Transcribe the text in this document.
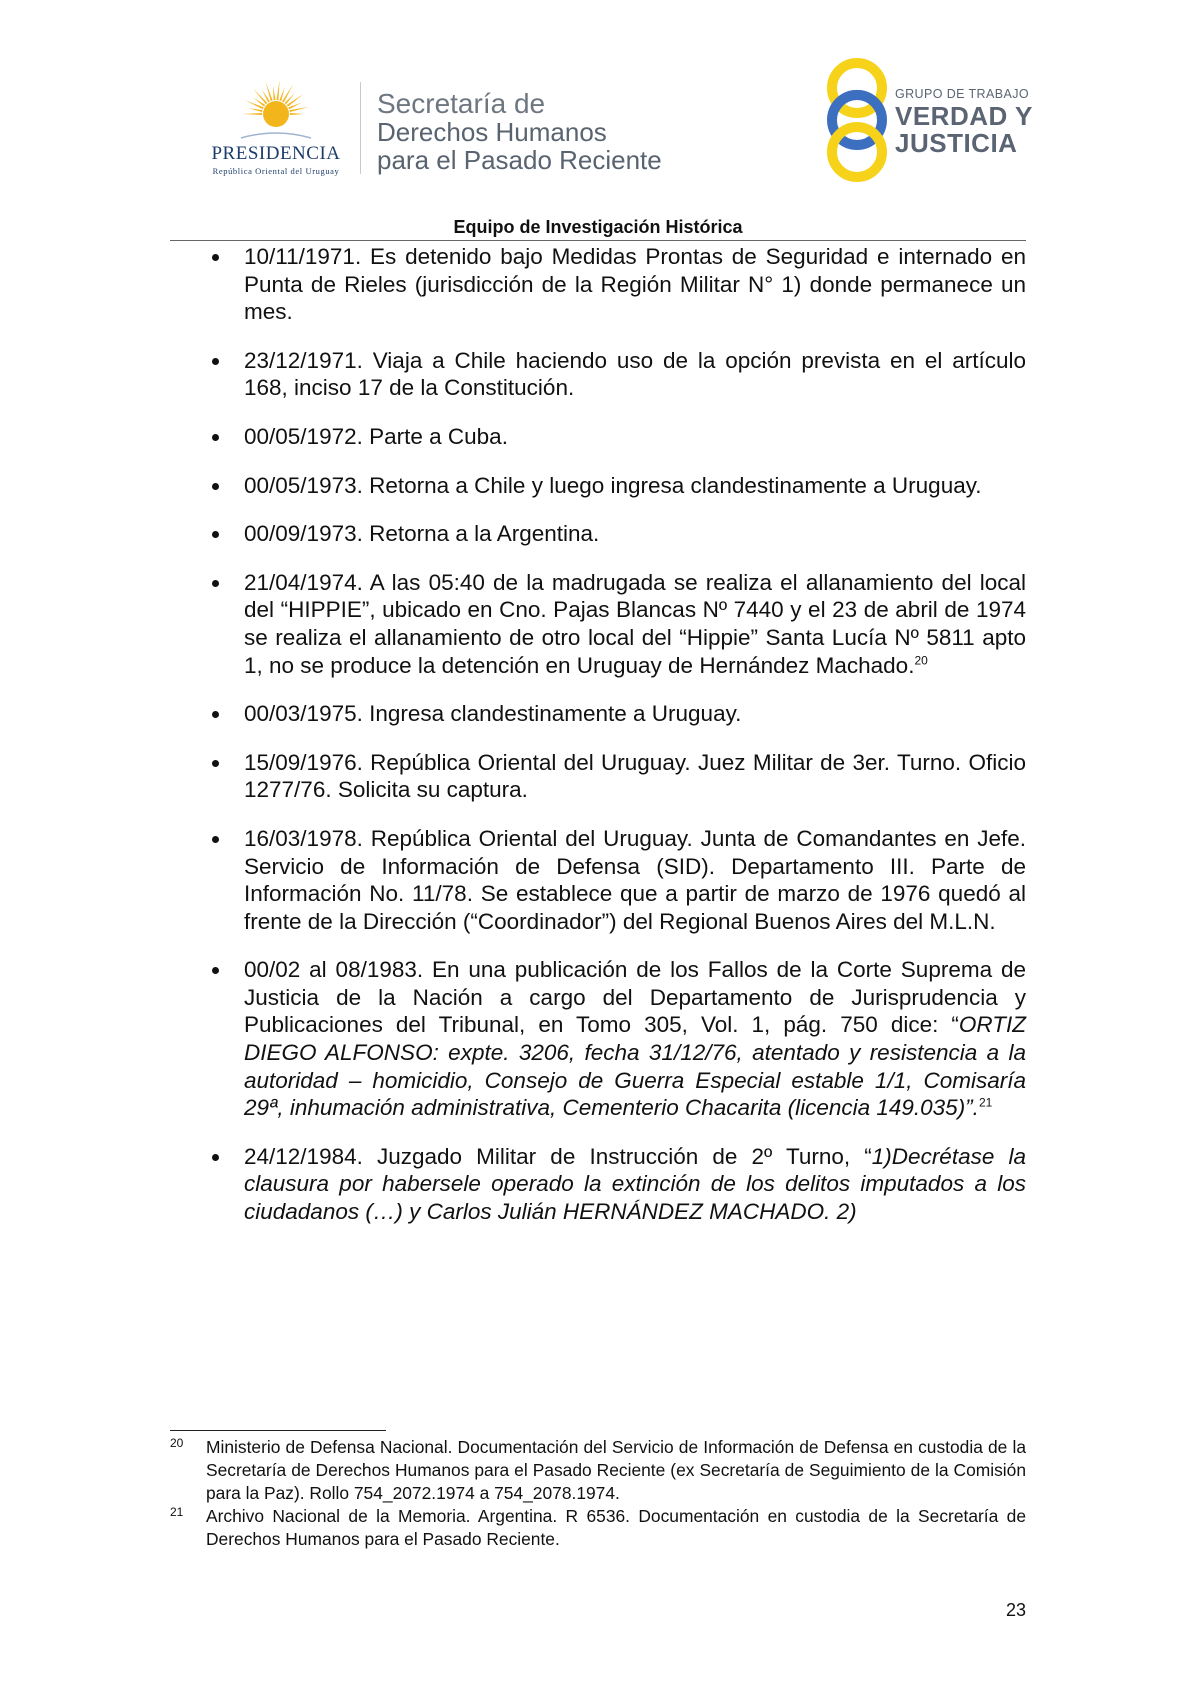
PRESIDENCIA
República Oriental del Uruguay
Secretaría de
Derechos Humanos
para el Pasado Reciente
GRUPO DE TRABAJO
VERDAD Y
JUSTICIA
Equipo de Investigación Histórica

10/11/1971. Es detenido bajo Medidas Prontas de Seguridad e internado en Punta de Rieles (jurisdicción de la Región Militar N° 1) donde permanece un mes.

23/12/1971. Viaja a Chile haciendo uso de la opción prevista en el artículo 168, inciso 17 de la Constitución.

00/05/1972. Parte a Cuba.

00/05/1973. Retorna a Chile y luego ingresa clandestinamente a Uruguay.

00/09/1973. Retorna a la Argentina.

21/04/1974. A las 05:40 de la madrugada se realiza el allanamiento del local del “HIPPIE”, ubicado en Cno. Pajas Blancas Nº 7440 y el 23 de abril de 1974 se realiza el allanamiento de otro local del “Hippie” Santa Lucía Nº 5811 apto 1, no se produce la detención en Uruguay de Hernández Machado.$^{20}$

00/03/1975. Ingresa clandestinamente a Uruguay.

15/09/1976. República Oriental del Uruguay. Juez Militar de 3er. Turno. Oficio 1277/76. Solicita su captura.

16/03/1978. República Oriental del Uruguay. Junta de Comandantes en Jefe. Servicio de Información de Defensa (SID). Departamento III. Parte de Información No. 11/78. Se establece que a partir de marzo de 1976 quedó al frente de la Dirección (“Coordinador”) del Regional Buenos Aires del M.L.N.

00/02 al 08/1983. En una publicación de los Fallos de la Corte Suprema de Justicia de la Nación a cargo del Departamento de Jurisprudencia y Publicaciones del Tribunal, en Tomo 305, Vol. 1, pág. 750 dice: “ORTIZ DIEGO ALFONSO: expte. 3206, fecha 31/12/76, atentado y resistencia a la autoridad – homicidio, Consejo de Guerra Especial estable 1/1, Comisaría 29ª, inhumación administrativa, Cementerio Chacarita (licencia 149.035)”.$^{21}$

24/12/1984. Juzgado Militar de Instrucción de 2º Turno, “1)Decrétase la clausura por habersele operado la extinción de los delitos imputados a los ciudadanos (…) y Carlos Julián HERNÁNDEZ MACHADO. 2)

20 Ministerio de Defensa Nacional. Documentación del Servicio de Información de Defensa en custodia de la Secretaría de Derechos Humanos para el Pasado Reciente (ex Secretaría de Seguimiento de la Comisión para la Paz). Rollo 754_2072.1974 a 754_2078.1974.

21 Archivo Nacional de la Memoria. Argentina. R 6536. Documentación en custodia de la Secretaría de Derechos Humanos para el Pasado Reciente.

23
